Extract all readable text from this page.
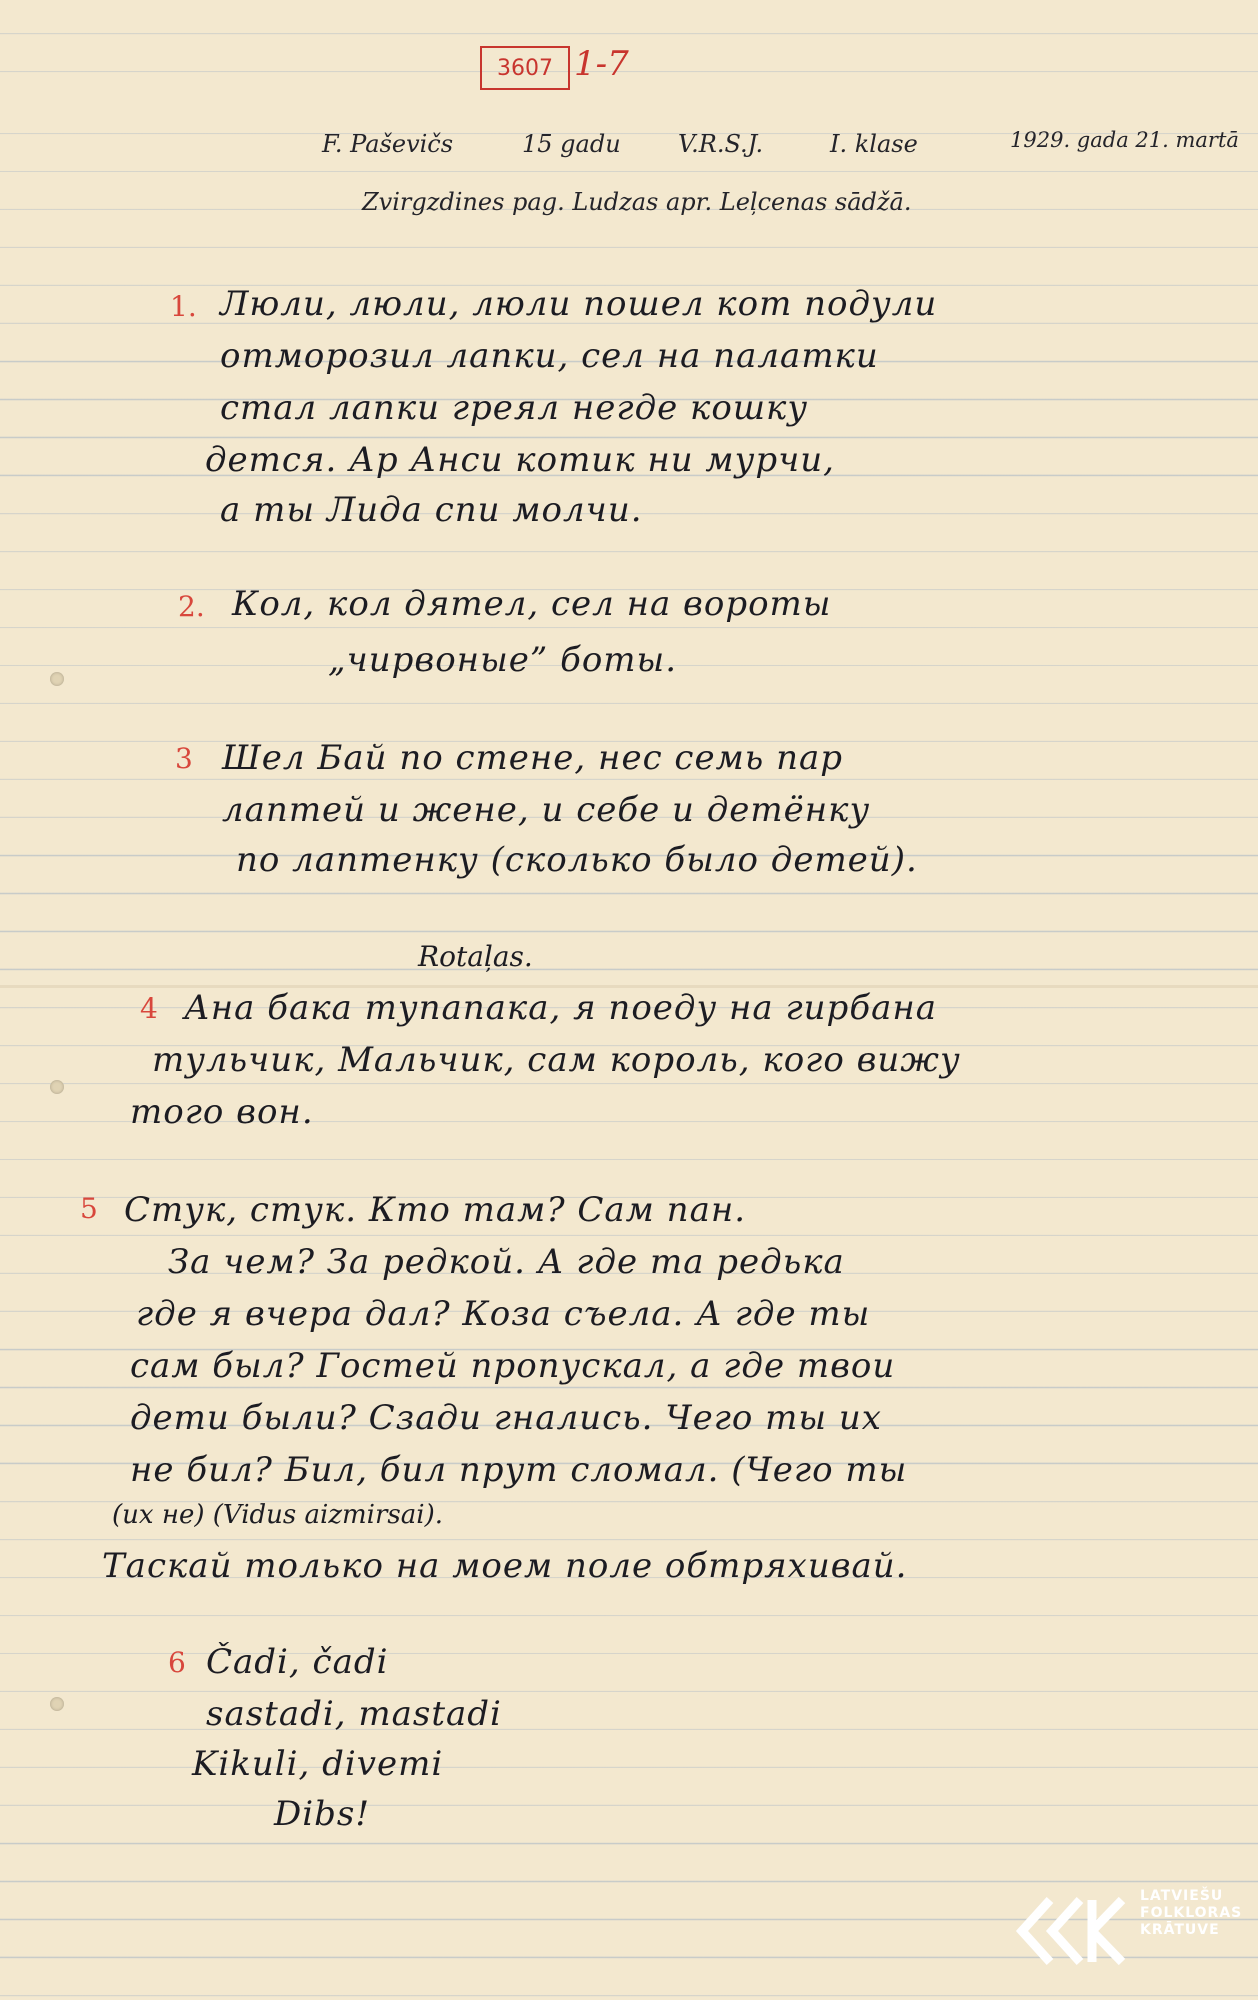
3607 1-7
F. Paševičs	15 gadu V.R.S.J.	I. klase	1929. gada 21. martā
Zvirgzdines pag. Ludzas apr. Leļcenas sādžā.
1. Люли, люли, люли пошел кот подули
отморозил лапки, сел на палатки
стал лапки греял негде кошку
дется. Ар Анси котик ни мурчи,
а ты Лида спи молчи.
2. Кол, кол дятел, сел на вороты
„чирвоные” боты.
3 Шел Бай по стене, нес семь пар
лаптей и жене, и себе и детёнку
по лаптенку (сколько было детей).
Rotaļas.
4 Ана бака тупапака, я поеду на гирбана
тульчик, Мальчик, сам король, кого вижу
того вон.
5 Стук, стук. Кто там? Сам пан.
За чем? За редкой. А где та редька
где я вчера дал? Коза съела. А где ты
сам был? Гостей пропускал, а где твои
дети были? Сзади гнались. Чего ты их
не бил? Бил, бил прут сломал. (Чего ты
(их не) (Vidus aizmirsai).
Таскай только на моем поле обтряхивай.
6 Čadi, čadi
sastadi, mastadi
Kikuli, divemi
Dibs!
LATVIEŠU
FOLKLORAS
KRĀTUVE
